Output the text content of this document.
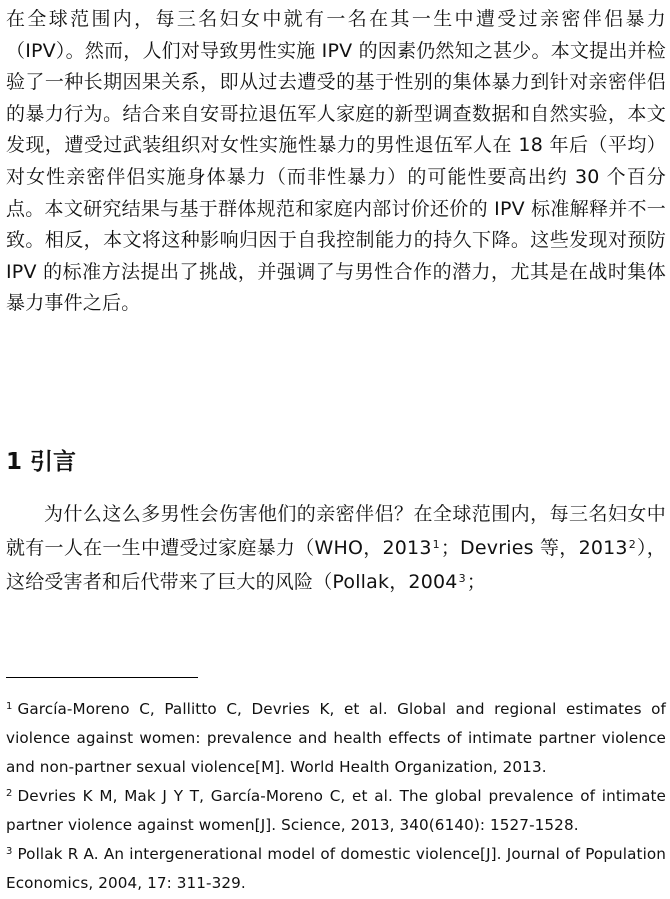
在全球范围内，每三名妇女中就有一名在其一生中遭受过亲密伴侣暴力（IPV）。然而，人们对导致男性实施 IPV 的因素仍然知之甚少。本文提出并检验了一种长期因果关系，即从过去遭受的基于性别的集体暴力到针对亲密伴侣的暴力行为。结合来自安哥拉退伍军人家庭的新型调查数据和自然实验，本文发现，遭受过武装组织对女性实施性暴力的男性退伍军人在 18 年后（平均）对女性亲密伴侣实施身体暴力（而非性暴力）的可能性要高出约 30 个百分点。本文研究结果与基于群体规范和家庭内部讨价还价的 IPV 标准解释并不一致。相反，本文将这种影响归因于自我控制能力的持久下降。这些发现对预防 IPV 的标准方法提出了挑战，并强调了与男性合作的潜力，尤其是在战时集体暴力事件之后。

1 引言

为什么这么多男性会伤害他们的亲密伴侣？在全球范围内，每三名妇女中就有一人在一生中遭受过家庭暴力（WHO，2013$^1$；Devries 等，2013$^2$），这给受害者和后代带来了巨大的风险（Pollak，2004$^3$；

$^1$ García-Moreno C, Pallitto C, Devries K, et al. Global and regional estimates of violence against women: prevalence and health effects of intimate partner violence and non-partner sexual violence[M]. World Health Organization, 2013.
$^2$ Devries K M, Mak J Y T, García-Moreno C, et al. The global prevalence of intimate partner violence against women[J]. Science, 2013, 340(6140): 1527-1528.
$^3$ Pollak R A. An intergenerational model of domestic violence[J]. Journal of Population Economics, 2004, 17: 311-329.
